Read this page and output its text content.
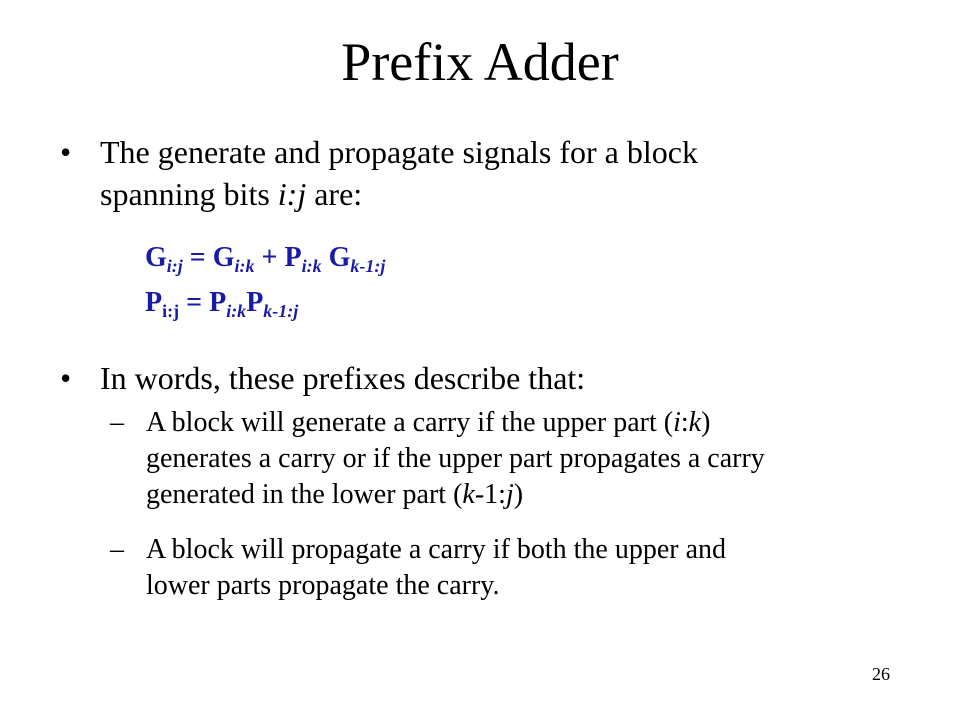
Prefix Adder
• The generate and propagate signals for a block
spanning bits i:j are:
$G_{i:j} = G_{i:k} + P_{i:k}$ $G_{k-1:j}$
$P_{i:j} = P_{i:k}P_{k-1:j}$
• In words, these prefixes describe that:
– A block will generate a carry if the upper part (i:k)
generates a carry or if the upper part propagates a carry
generated in the lower part (k-1:j)
– A block will propagate a carry if both the upper and
lower parts propagate the carry.
26
